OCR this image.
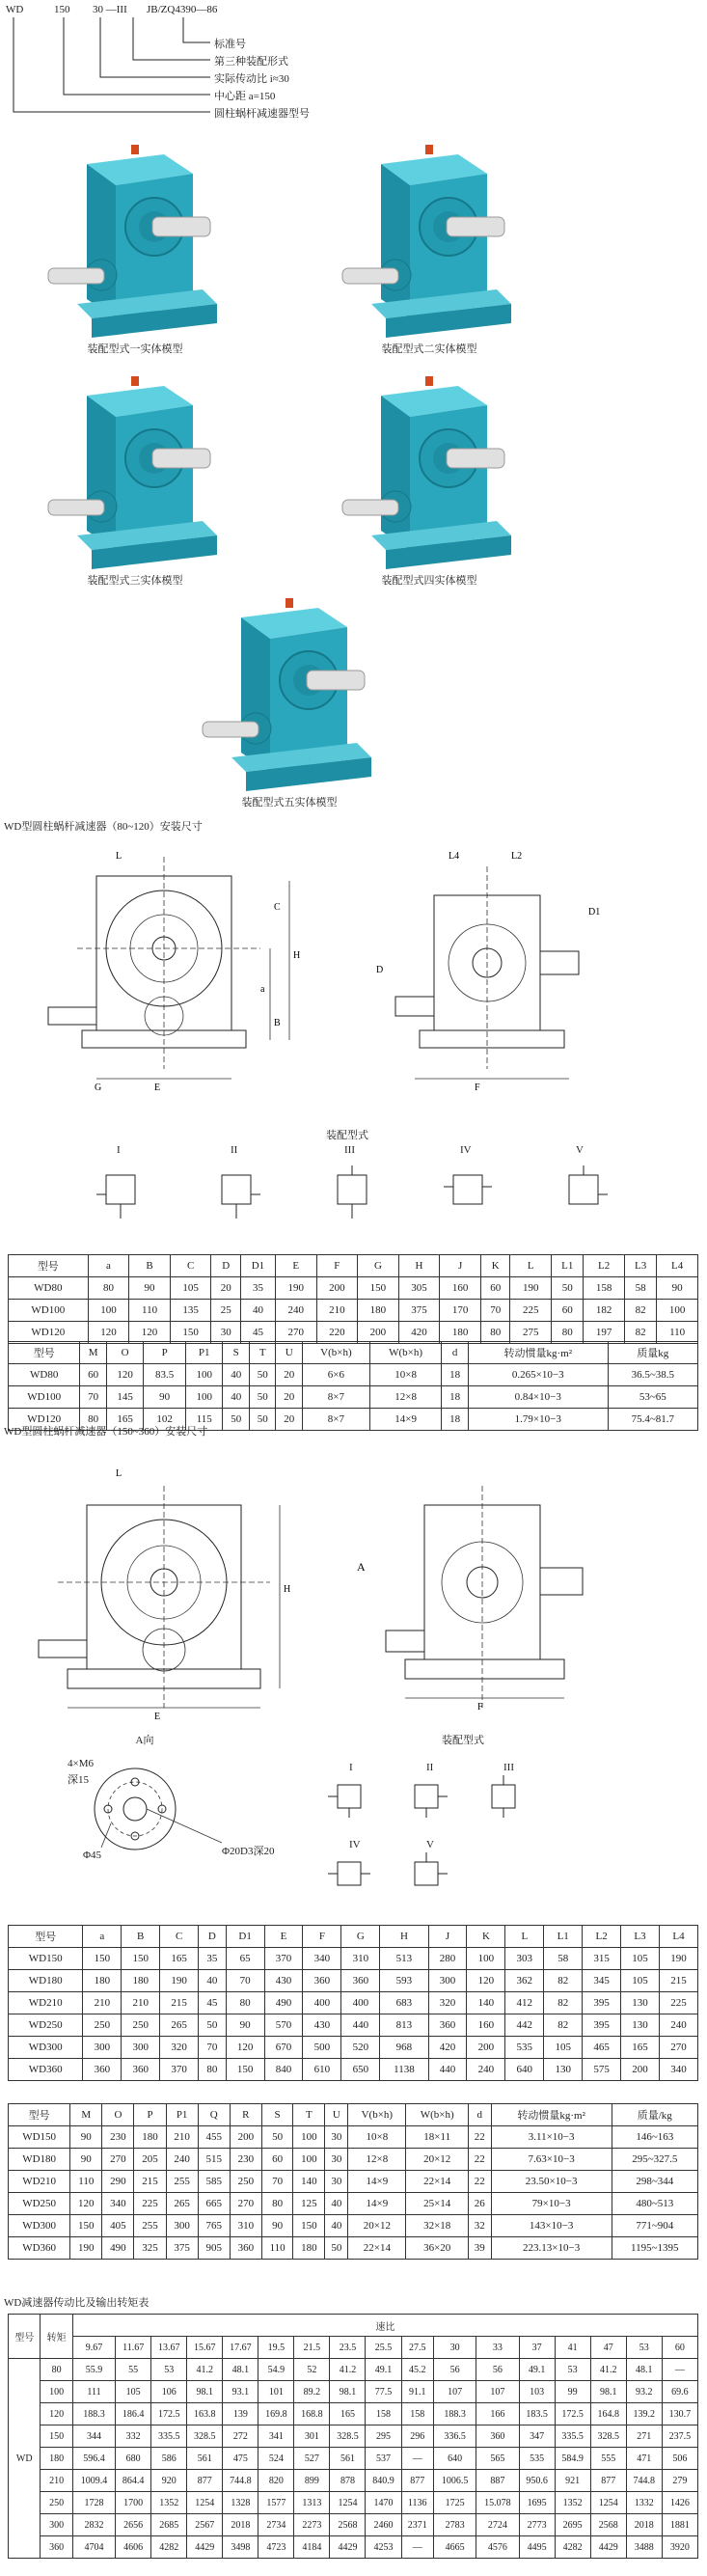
WD	150 30 —III JB/ZQ4390—86
标准号
第三种装配形式
实际传动比 i≈30
中心距 a=150
圆柱蜗杆减速器型号
装配型式一实体模型	装配型式二实体模型
装配型式三实体模型	装配型式四实体模型
装配型式五实体模型
WD型圆柱蜗杆减速器（80~120）安装尺寸
G	E
H
a
C
B
L
F
L4	L2
D1
D
装配型式
I	II	III	IV	V
型号	a	B	C	D	D1	E	F	G	H	J	K	L	L1	L2	L3	L4
WD80	80	90	105	20	35	190	200	150	305	160	60	190	50	158	58	90
WD100	100	110	135	25	40	240	210	180	375	170	70	225	60	182	82	100
WD120	120	120	150	30	45	270	220	200	420	180	80	275	80	197	82	110
型号	M	O	P	P1	S	T	U	V(b×h)	W(b×h)	d	转动惯量kg·m²	质量kg
WD80	60	120	83.5	100	40	50	20	6×6	10×8	18	0.265×10−3	36.5~38.5
WD100	70	145	90	100	40	50	20	8×7	12×8	18	0.84×10−3	53~65
WD120	80	165	102	115	50	50	20	8×7	14×9	18	1.79×10−3	75.4~81.7
WD型圆柱蜗杆减速器（150~360）安装尺寸
H
E
L
F
A
A向	装配型式
4×M6
深15
Φ45	Φ20D3深20
I	II	III
IV	V
型号	a	B	C	D	D1	E	F	G	H	J	K	L	L1	L2	L3	L4
WD150	150	150	165	35	65	370	340	310	513	280	100	303	58	315	105	190
WD180	180	180	190	40	70	430	360	360	593	300	120	362	82	345	105	215
WD210	210	210	215	45	80	490	400	400	683	320	140	412	82	395	130	225
WD250	250	250	265	50	90	570	430	440	813	360	160	442	82	395	130	240
WD300	300	300	320	70	120	670	500	520	968	420	200	535	105	465	165	270
WD360	360	360	370	80	150	840	610	650	1138	440	240	640	130	575	200	340
型号	M	O	P	P1	Q	R	S	T	U	V(b×h)	W(b×h)	d	转动惯量kg·m²	质量/kg
WD150	90	230	180	210	455	200	50	100	30	10×8	18×11	22	3.11×10−3	146~163
WD180	90	270	205	240	515	230	60	100	30	12×8	20×12	22	7.63×10−3	295~327.5
WD210	110	290	215	255	585	250	70	140	30	14×9	22×14	22	23.50×10−3	298~344
WD250	120	340	225	265	665	270	80	125	40	14×9	25×14	26	79×10−3	480~513
WD300	150	405	255	300	765	310	90	150	40	20×12	32×18	32	143×10−3	771~904
WD360	190	490	325	375	905	360	110	180	50	22×14	36×20	39	223.13×10−3	1195~1395
WD减速器传动比及输出转矩表
型号	转矩	速比																
		9.67	11.67	13.67	15.67	17.67	19.5	21.5	23.5	25.5	27.5	30	33	37	41	47	53	60
WD	80	55.9	55	53	41.2	48.1	54.9	52	41.2	49.1	45.2	56	56	49.1	53	41.2	48.1	—
	100	111	105	106	98.1	93.1	101	89.2	98.1	77.5	91.1	107	107	103	99	98.1	93.2	69.6
	120	188.3	186.4	172.5	163.8	139	169.8	168.8	165	158	158	188.3	166	183.5	172.5	164.8	139.2	130.7
	150	344	332	335.5	328.5	272	341	301	328.5	295	296	336.5	360	347	335.5	328.5	271	237.5
	180	596.4	680	586	561	475	524	527	561	537	—	640	565	535	584.9	555	471	506
	210	1009.4	864.4	920	877	744.8	820	899	878	840.9	877	1006.5	887	950.6	921	877	744.8	279
	250	1728	1700	1352	1254	1328	1577	1313	1254	1470	1136	1725	15.078	1695	1352	1254	1332	1426
	300	2832	2656	2685	2567	2018	2734	2273	2568	2460	2371	2783	2724	2773	2695	2568	2018	1881
	360	4704	4606	4282	4429	3498	4723	4184	4429	4253	—	4665	4576	4495	4282	4429	3488	3920
